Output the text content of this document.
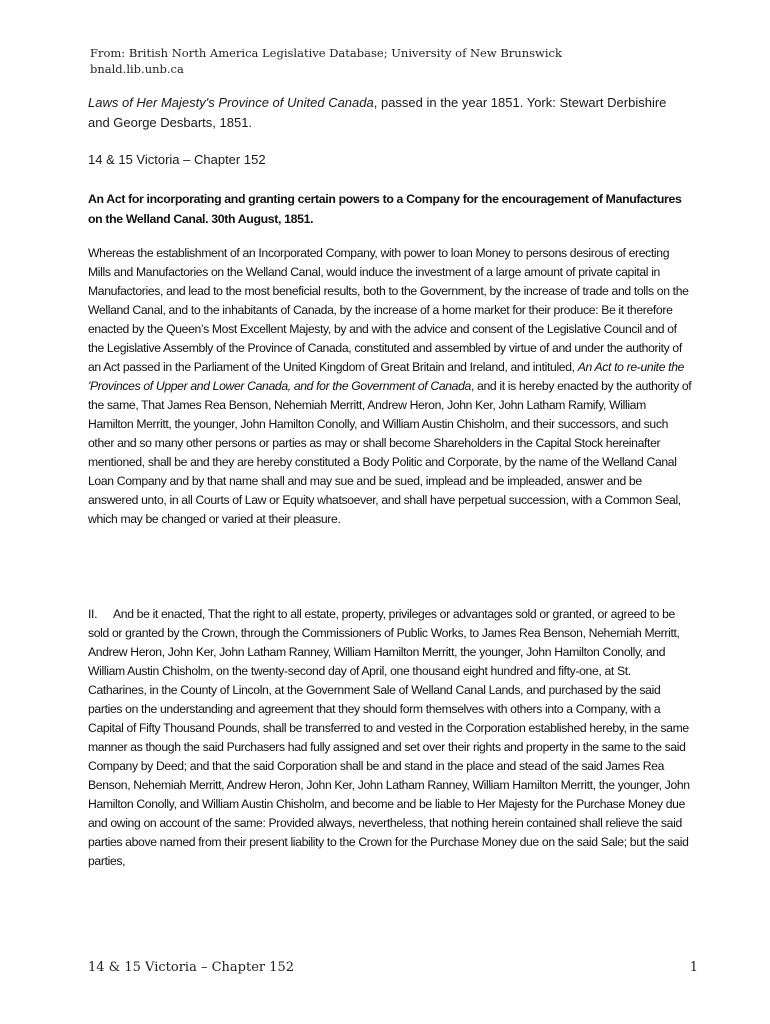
From: British North America Legislative Database; University of New Brunswick
bnald.lib.unb.ca
Laws of Her Majesty's Province of United Canada, passed in the year 1851. York: Stewart Derbishire and George Desbarts, 1851.
14 & 15 Victoria – Chapter 152
An Act for incorporating and granting certain powers to a Company for the encouragement of Manufactures on the Welland Canal. 30th August, 1851.
Whereas the establishment of an Incorporated Company, with power to loan Money to persons desirous of erecting Mills and Manufactories on the Welland Canal, would induce the investment of a large amount of private capital in Manufactories, and lead to the most beneficial results, both to the Government, by the increase of trade and tolls on the Welland Canal, and to the inhabitants of Canada, by the increase of a home market for their produce: Be it therefore enacted by the Queen’s Most Excellent Majesty, by and with the advice and consent of the Legislative Council and of the Legislative Assembly of the Province of Canada, constituted and assembled by virtue of and under the authority of an Act passed in the Parliament of the United Kingdom of Great Britain and Ireland, and intituled, An Act to re-unite the 'Provinces of Upper and Lower Canada, and for the Government of Canada, and it is hereby enacted by the authority of the same, That James Rea Benson, Nehemiah Merritt, Andrew Heron, John Ker, John Latham Ramify, William Hamilton Merritt, the younger, John Hamilton Conolly, and William Austin Chisholm, and their successors, and such other and so many other persons or parties as may or shall become Shareholders in the Capital Stock hereinafter mentioned, shall be and they are hereby constituted a Body Politic and Corporate, by the name of the Welland Canal Loan Company and by that name shall and may sue and be sued, implead and be impleaded, answer and be answered unto, in all Courts of Law or Equity whatsoever, and shall have perpetual succession, with a Common Seal, which may be changed or varied at their pleasure.
II. And be it enacted, That the right to all estate, property, privileges or advantages sold or granted, or agreed to be sold or granted by the Crown, through the Commissioners of Public Works, to James Rea Benson, Nehemiah Merritt, Andrew Heron, John Ker, John Latham Ranney, William Hamilton Merritt, the younger, John Hamilton Conolly, and William Austin Chisholm, on the twenty-second day of April, one thousand eight hundred and fifty-one, at St. Catharines, in the County of Lincoln, at the Government Sale of Welland Canal Lands, and purchased by the said parties on the understanding and agreement that they should form themselves with others into a Company, with a Capital of Fifty Thousand Pounds, shall be transferred to and vested in the Corporation established hereby, in the same manner as though the said Purchasers had fully assigned and set over their rights and property in the same to the said Company by Deed; and that the said Corporation shall be and stand in the place and stead of the said James Rea Benson, Nehemiah Merritt, Andrew Heron, John Ker, John Latham Ranney, William Hamilton Merritt, the younger, John Hamilton Conolly, and William Austin Chisholm, and become and be liable to Her Majesty for the Purchase Money due and owing on account of the same: Provided always, nevertheless, that nothing herein contained shall relieve the said parties above named from their present liability to the Crown for the Purchase Money due on the said Sale; but the said parties,
14 & 15 Victoria – Chapter 152	1
